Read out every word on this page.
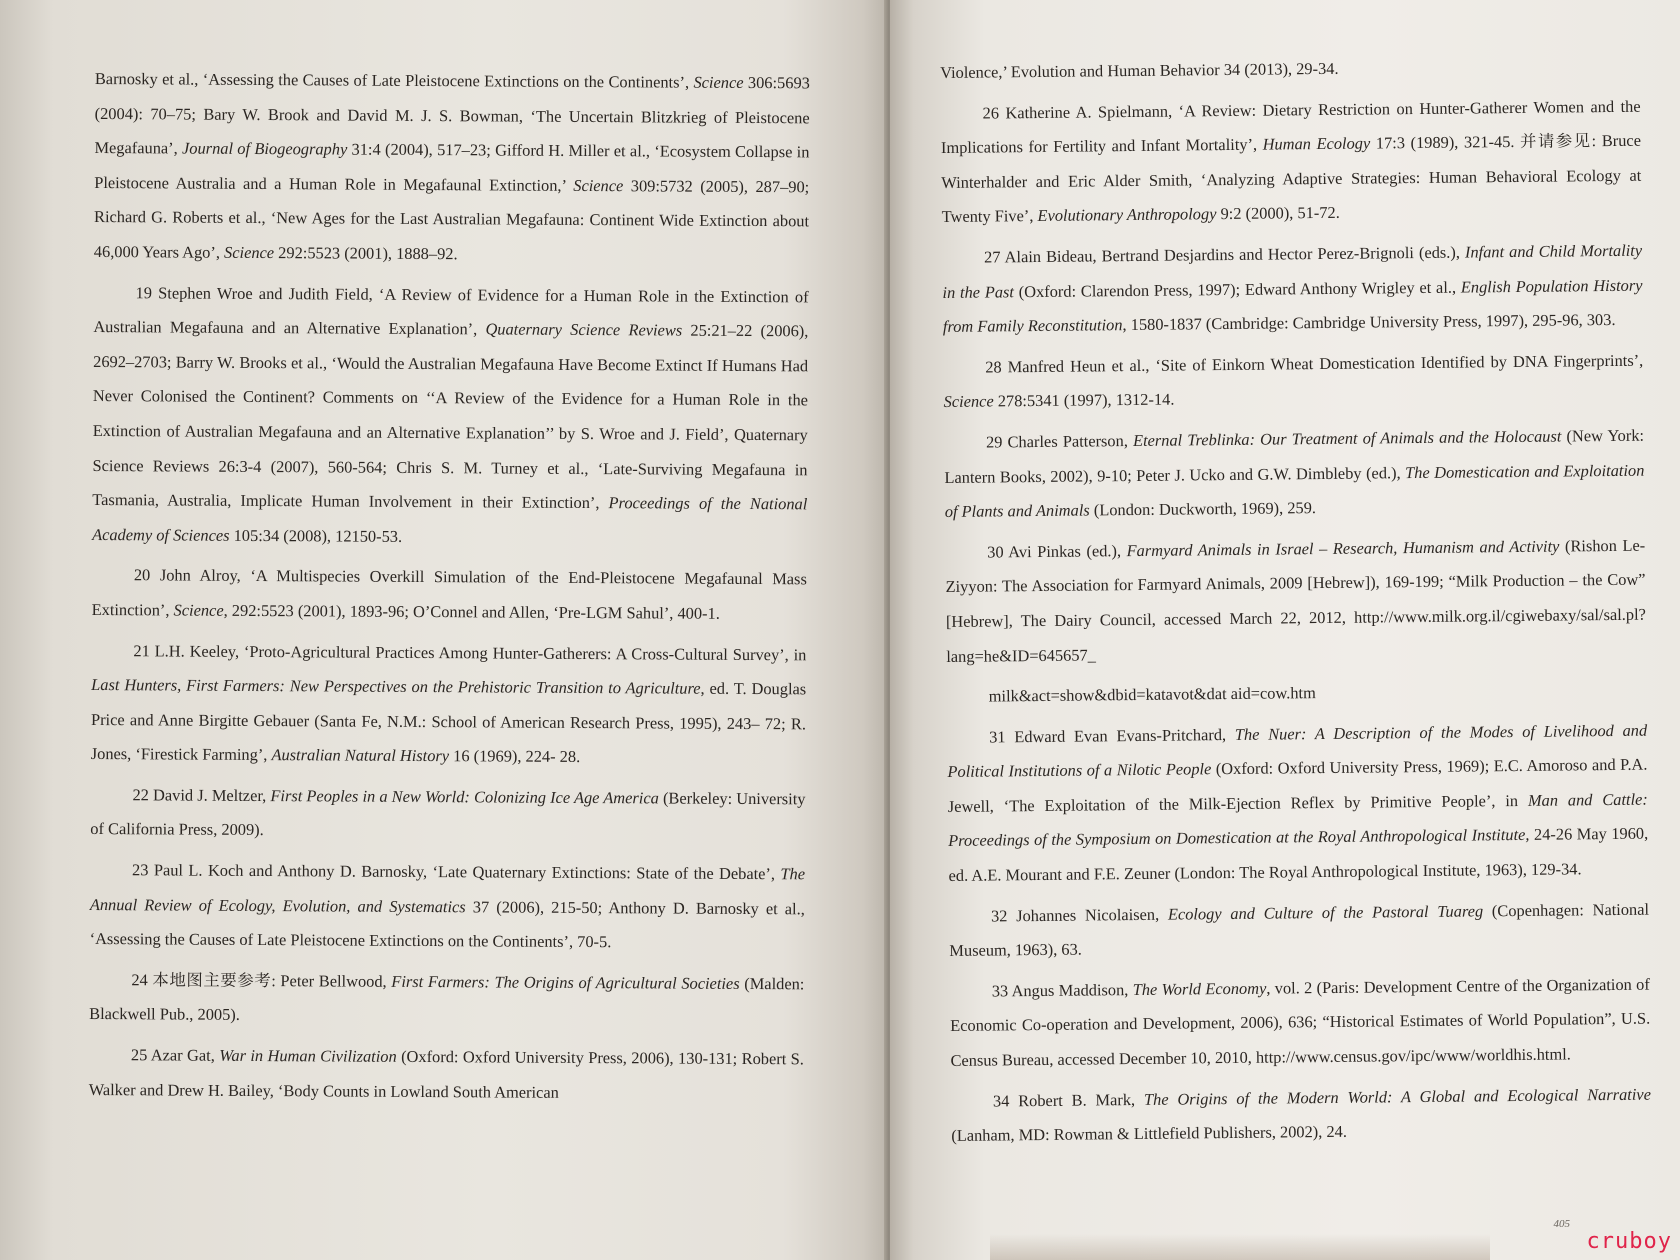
Barnosky et al., ‘Assessing the Causes of Late Pleistocene Extinctions on the Continents’, Science 306:5693 (2004): 70–75; Bary W. Brook and David M. J. S. Bowman, ‘The Uncertain Blitzkrieg of Pleistocene Megafauna’, Journal of Biogeography 31:4 (2004), 517–23; Gifford H. Miller et al., ‘Ecosystem Collapse in Pleistocene Australia and a Human Role in Megafaunal Extinction,’ Science 309:5732 (2005), 287–90; Richard G. Roberts et al., ‘New Ages for the Last Australian Megafauna: Continent Wide Extinction about 46,000 Years Ago’, Science 292:5523 (2001), 1888–92.

19 Stephen Wroe and Judith Field, ‘A Review of Evidence for a Human Role in the Extinction of Australian Megafauna and an Alternative Explanation’, Quaternary Science Reviews 25:21–22 (2006), 2692–2703; Barry W. Brooks et al., ‘Would the Australian Megafauna Have Become Extinct If Humans Had Never Colonised the Continent? Comments on ‘‘A Review of the Evidence for a Human Role in the Extinction of Australian Megafauna and an Alternative Explanation’’ by S. Wroe and J. Field’, Quaternary Science Reviews 26:3-4 (2007), 560-564; Chris S. M. Turney et al., ‘Late-Surviving Megafauna in Tasmania, Australia, Implicate Human Involvement in their Extinction’, Proceedings of the National Academy of Sciences 105:34 (2008), 12150-53.

20 John Alroy, ‘A Multispecies Overkill Simulation of the End-Pleistocene Megafaunal Mass Extinction’, Science, 292:5523 (2001), 1893-96; O’Connel and Allen, ‘Pre-LGM Sahul’, 400-1.

21 L.H. Keeley, ‘Proto-Agricultural Practices Among Hunter-Gatherers: A Cross-Cultural Survey’, in Last Hunters, First Farmers: New Perspectives on the Prehistoric Transition to Agriculture, ed. T. Douglas Price and Anne Birgitte Gebauer (Santa Fe, N.M.: School of American Research Press, 1995), 243– 72; R. Jones, ‘Firestick Farming’, Australian Natural History 16 (1969), 224- 28.

22 David J. Meltzer, First Peoples in a New World: Colonizing Ice Age America (Berkeley: University of California Press, 2009).

23 Paul L. Koch and Anthony D. Barnosky, ‘Late Quaternary Extinctions: State of the Debate’, The Annual Review of Ecology, Evolution, and Systematics 37 (2006), 215-50; Anthony D. Barnosky et al., ‘Assessing the Causes of Late Pleistocene Extinctions on the Continents’, 70-5.

24 本地图主要参考: Peter Bellwood, First Farmers: The Origins of Agricultural Societies (Malden: Blackwell Pub., 2005).

25 Azar Gat, War in Human Civilization (Oxford: Oxford University Press, 2006), 130-131; Robert S. Walker and Drew H. Bailey, ‘Body Counts in Lowland South American

Violence,’ Evolution and Human Behavior 34 (2013), 29-34.

26 Katherine A. Spielmann, ‘A Review: Dietary Restriction on Hunter-Gatherer Women and the Implications for Fertility and Infant Mortality’, Human Ecology 17:3 (1989), 321-45. 并请参见: Bruce Winterhalder and Eric Alder Smith, ‘Analyzing Adaptive Strategies: Human Behavioral Ecology at Twenty Five’, Evolutionary Anthropology 9:2 (2000), 51-72.

27 Alain Bideau, Bertrand Desjardins and Hector Perez-Brignoli (eds.), Infant and Child Mortality in the Past (Oxford: Clarendon Press, 1997); Edward Anthony Wrigley et al., English Population History from Family Reconstitution, 1580-1837 (Cambridge: Cambridge University Press, 1997), 295-96, 303.

28 Manfred Heun et al., ‘Site of Einkorn Wheat Domestication Identified by DNA Fingerprints’, Science 278:5341 (1997), 1312-14.

29 Charles Patterson, Eternal Treblinka: Our Treatment of Animals and the Holocaust (New York: Lantern Books, 2002), 9-10; Peter J. Ucko and G.W. Dimbleby (ed.), The Domestication and Exploitation of Plants and Animals (London: Duckworth, 1969), 259.

30 Avi Pinkas (ed.), Farmyard Animals in Israel – Research, Humanism and Activity (Rishon Le-Ziyyon: The Association for Farmyard Animals, 2009 [Hebrew]), 169-199; “Milk Production – the Cow” [Hebrew], The Dairy Council, accessed March 22, 2012, http://www.milk.org.il/cgiwebaxy/sal/sal.pl?lang=he&ID=645657_

milk&act=show&dbid=katavot&dat aid=cow.htm

31 Edward Evan Evans-Pritchard, The Nuer: A Description of the Modes of Livelihood and Political Institutions of a Nilotic People (Oxford: Oxford University Press, 1969); E.C. Amoroso and P.A. Jewell, ‘The Exploitation of the Milk-Ejection Reflex by Primitive People’, in Man and Cattle: Proceedings of the Symposium on Domestication at the Royal Anthropological Institute, 24-26 May 1960, ed. A.E. Mourant and F.E. Zeuner (London: The Royal Anthropological Institute, 1963), 129-34.

32 Johannes Nicolaisen, Ecology and Culture of the Pastoral Tuareg (Copenhagen: National Museum, 1963), 63.

33 Angus Maddison, The World Economy, vol. 2 (Paris: Development Centre of the Organization of Economic Co-operation and Development, 2006), 636; “Historical Estimates of World Population”, U.S. Census Bureau, accessed December 10, 2010, http://www.census.gov/ipc/www/worldhis.html.

34 Robert B. Mark, The Origins of the Modern World: A Global and Ecological Narrative (Lanham, MD: Rowman & Littlefield Publishers, 2002), 24.

405
cruboy
